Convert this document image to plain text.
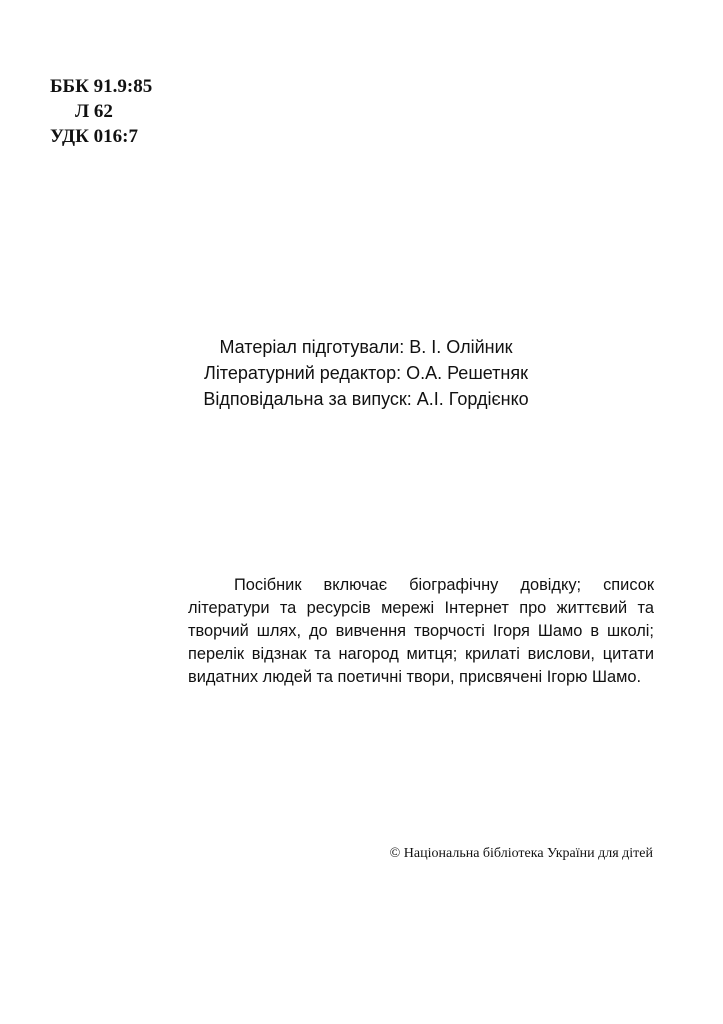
ББК 91.9:85
Л 62
УДК 016:7
Матеріал підготували: В. І. Олійник
Літературний редактор: О.А. Решетняк
Відповідальна за випуск: А.І. Гордієнко

Посібник включає біографічну довідку; список літератури та ресурсів мережі Інтернет про життєвий та творчий шлях, до вивчення творчості Ігоря Шамо в школі; перелік відзнак та нагород митця; крилаті вислови, цитати видатних людей та поетичні твори, присвячені Ігорю Шамо.

© Національна бібліотека України для дітей
